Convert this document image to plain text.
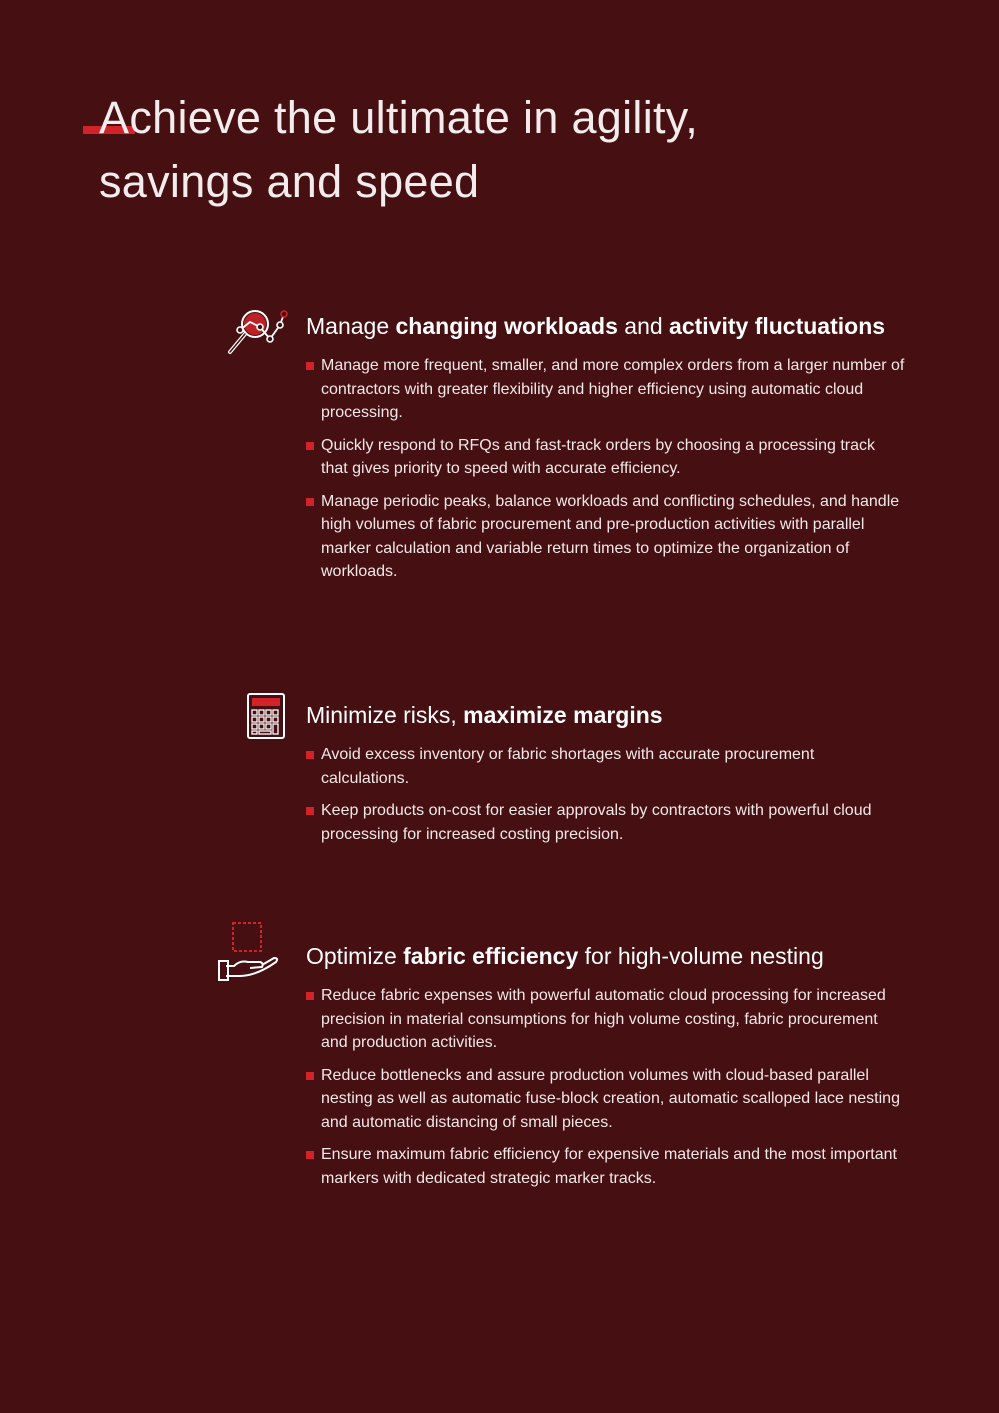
Achieve the ultimate in agility,
savings and speed
Manage changing workloads and activity fluctuations
Manage more frequent, smaller, and more complex orders from a larger number of contractors with greater flexibility and higher efficiency using automatic cloud processing.
Quickly respond to RFQs and fast-track orders by choosing a processing track that gives priority to speed with accurate efficiency.
Manage periodic peaks, balance workloads and conflicting schedules, and handle high volumes of fabric procurement and pre-production activities with parallel marker calculation and variable return times to optimize the organization of workloads.
Minimize risks, maximize margins
Avoid excess inventory or fabric shortages with accurate procurement calculations.
Keep products on-cost for easier approvals by contractors with powerful cloud processing for increased costing precision.
Optimize fabric efficiency for high-volume nesting
Reduce fabric expenses with powerful automatic cloud processing for increased precision in material consumptions for high volume costing, fabric procurement and production activities.
Reduce bottlenecks and assure production volumes with cloud-based parallel nesting as well as automatic fuse-block creation, automatic scalloped lace nesting and automatic distancing of small pieces.
Ensure maximum fabric efficiency for expensive materials and the most important markers with dedicated strategic marker tracks.
